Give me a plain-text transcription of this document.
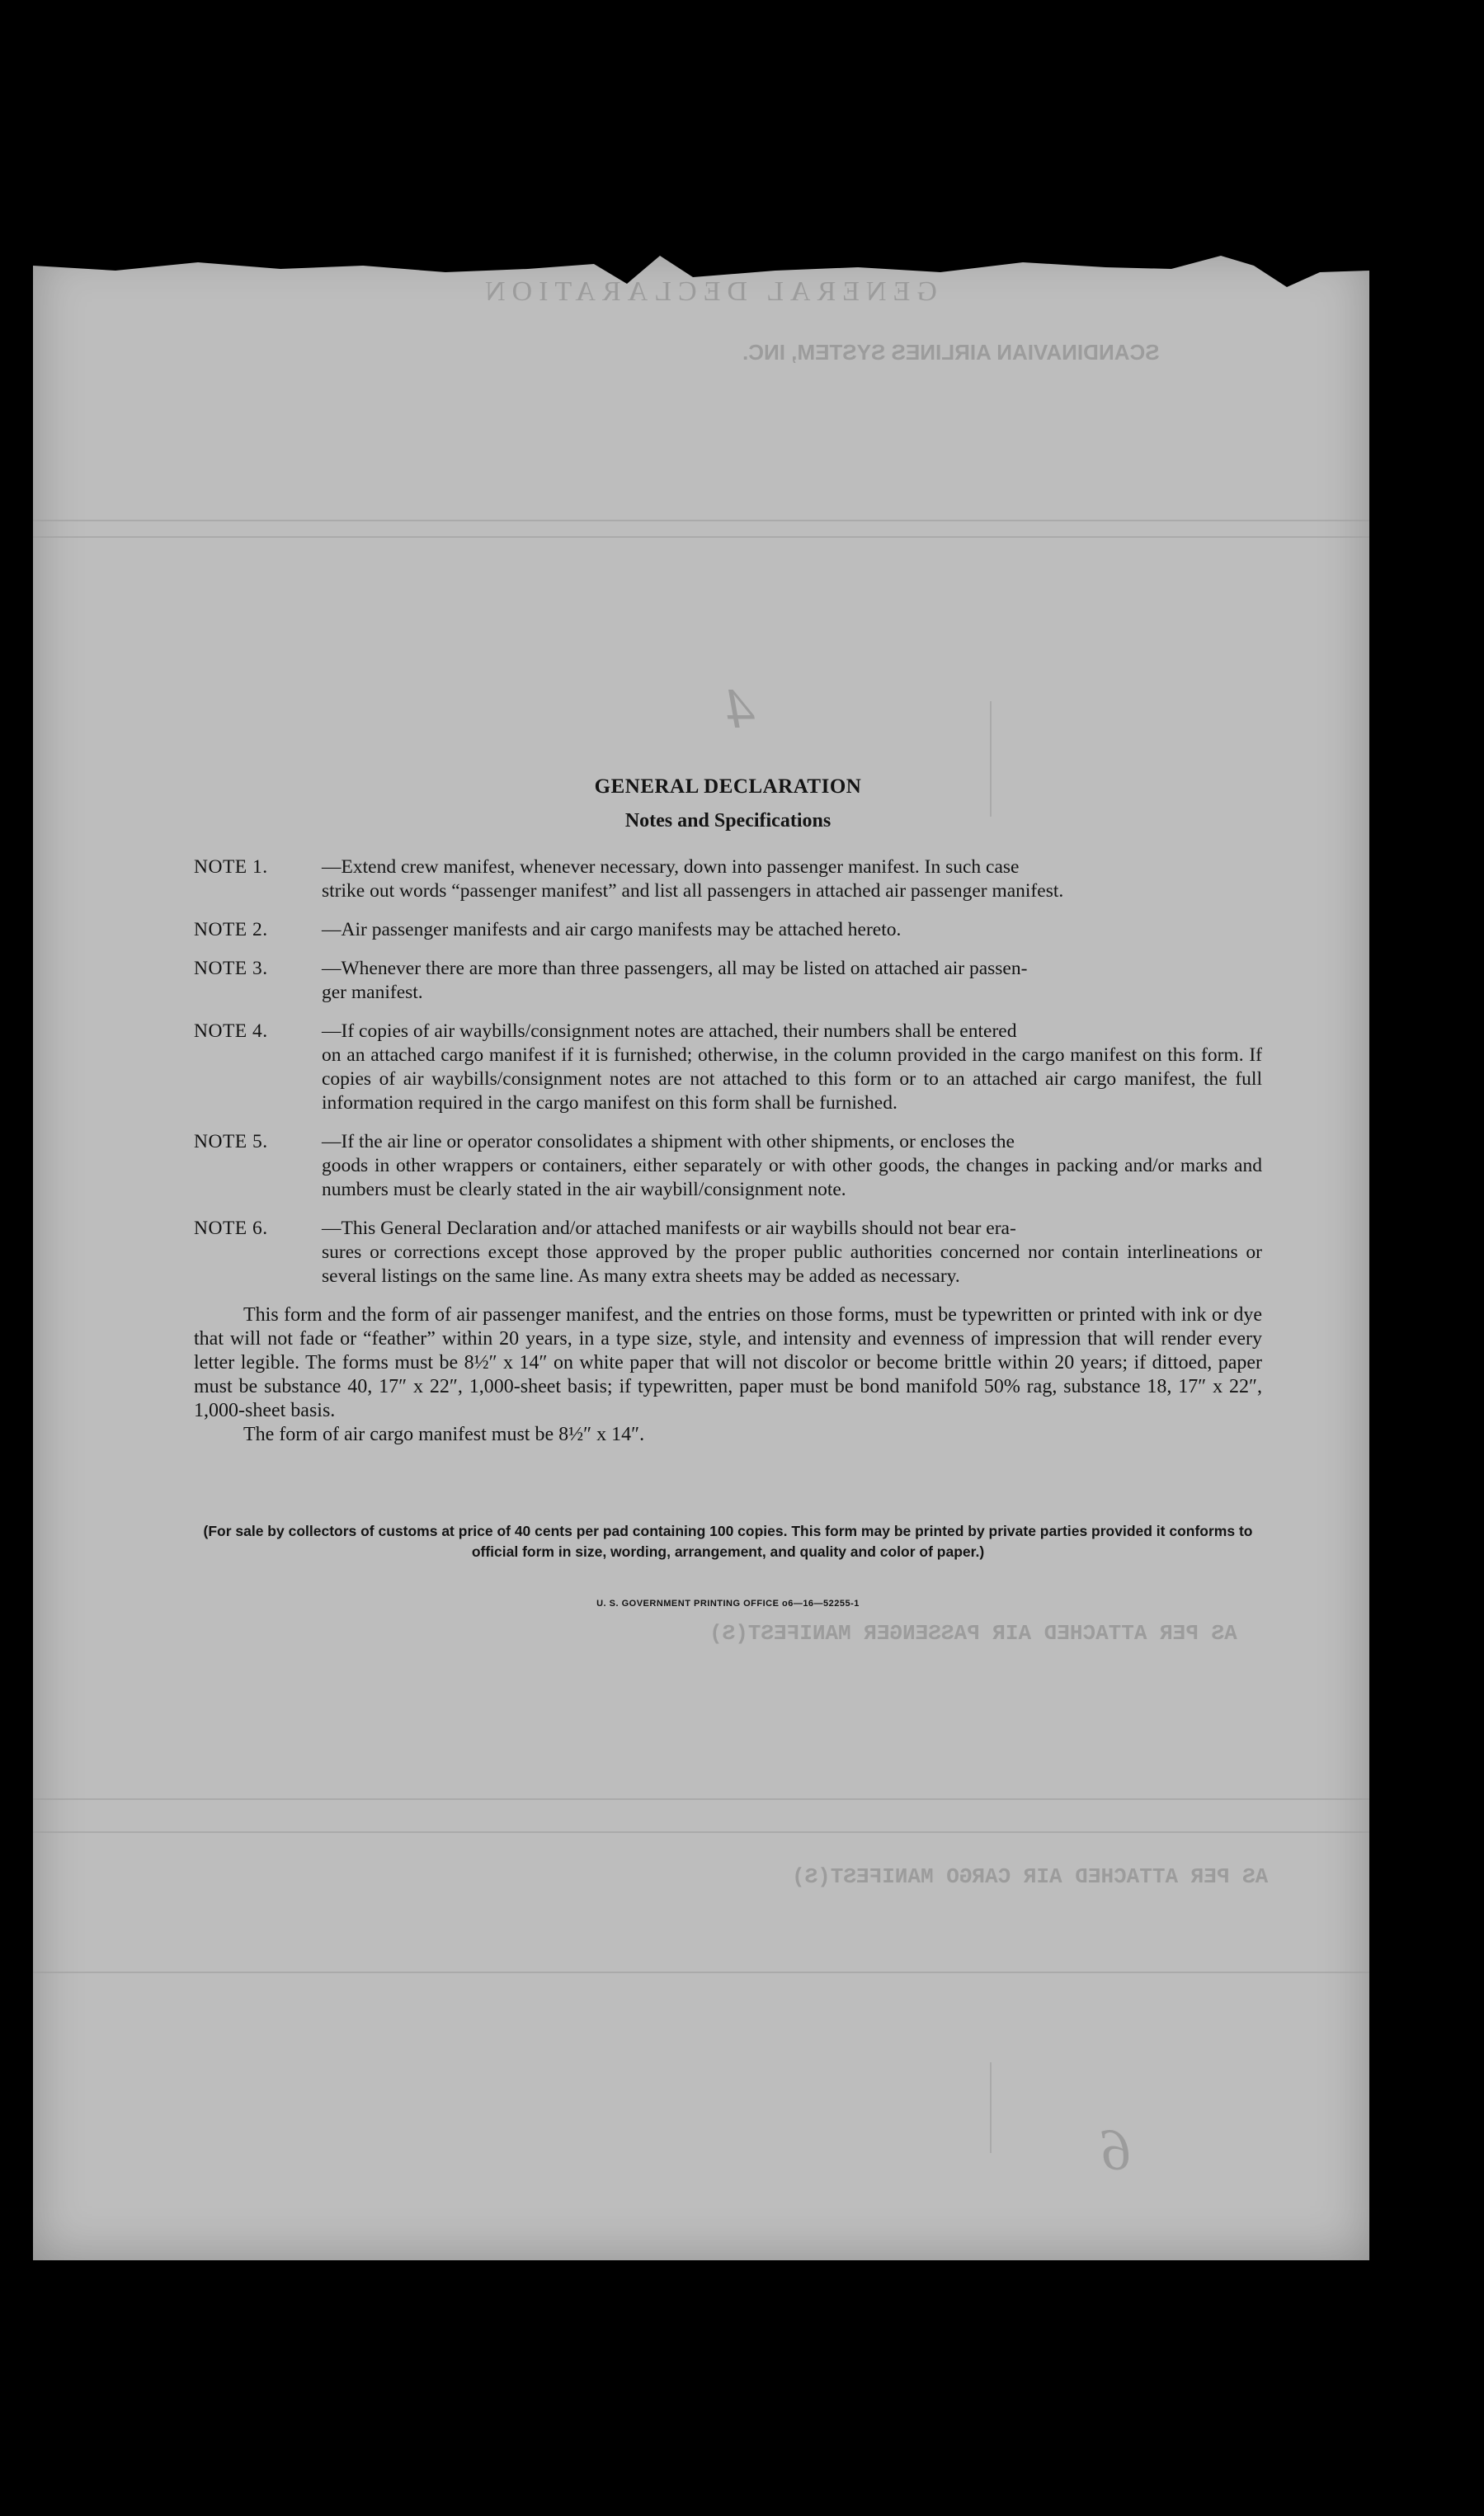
GENERAL DECLARATION
SCANDINAVIAN AIRLINES SYSTEM, INC.
4
AS PER ATTACHED AIR PASSENGER MANIFEST(S)
AS PER ATTACHED AIR CARGO MANIFEST(S)
6
GENERAL DECLARATION
Notes and Specifications
NOTE 1.	—Extend crew manifest, whenever necessary, down into passenger manifest. In such case
strike out words “passenger manifest” and list all passengers in attached air passenger manifest.
NOTE 2.	—Air passenger manifests and air cargo manifests may be attached hereto.
NOTE 3.	—Whenever there are more than three passengers, all may be listed on attached air passen-
ger manifest.
NOTE 4.	—If copies of air waybills/consignment notes are attached, their numbers shall be entered
on an attached cargo manifest if it is furnished; otherwise, in the column provided in the cargo manifest on this form. If copies of air waybills/consignment notes are not attached to this form or to an attached air cargo manifest, the full information required in the cargo manifest on this form shall be furnished.
NOTE 5.	—If the air line or operator consolidates a shipment with other shipments, or encloses the
goods in other wrappers or containers, either separately or with other goods, the changes in packing and/or marks and numbers must be clearly stated in the air waybill/consignment note.
NOTE 6.	—This General Declaration and/or attached manifests or air waybills should not bear era-
sures or corrections except those approved by the proper public authorities concerned nor contain interlineations or several listings on the same line. As many extra sheets may be added as necessary.
This form and the form of air passenger manifest, and the entries on those forms, must be typewritten or printed with ink or dye that will not fade or “feather” within 20 years, in a type size, style, and intensity and evenness of impression that will render every letter legible. The forms must be 8½″ x 14″ on white paper that will not discolor or become brittle within 20 years; if dittoed, paper must be substance 40, 17″ x 22″, 1,000-sheet basis; if typewritten, paper must be bond manifold 50% rag, substance 18, 17″ x 22″, 1,000-sheet basis.
The form of air cargo manifest must be 8½″ x 14″.
(For sale by collectors of customs at price of 40 cents per pad containing 100 copies. This form may be printed by private parties provided it conforms to official form in size, wording, arrangement, and quality and color of paper.)
U. S. GOVERNMENT PRINTING OFFICE o6—16—52255-1
